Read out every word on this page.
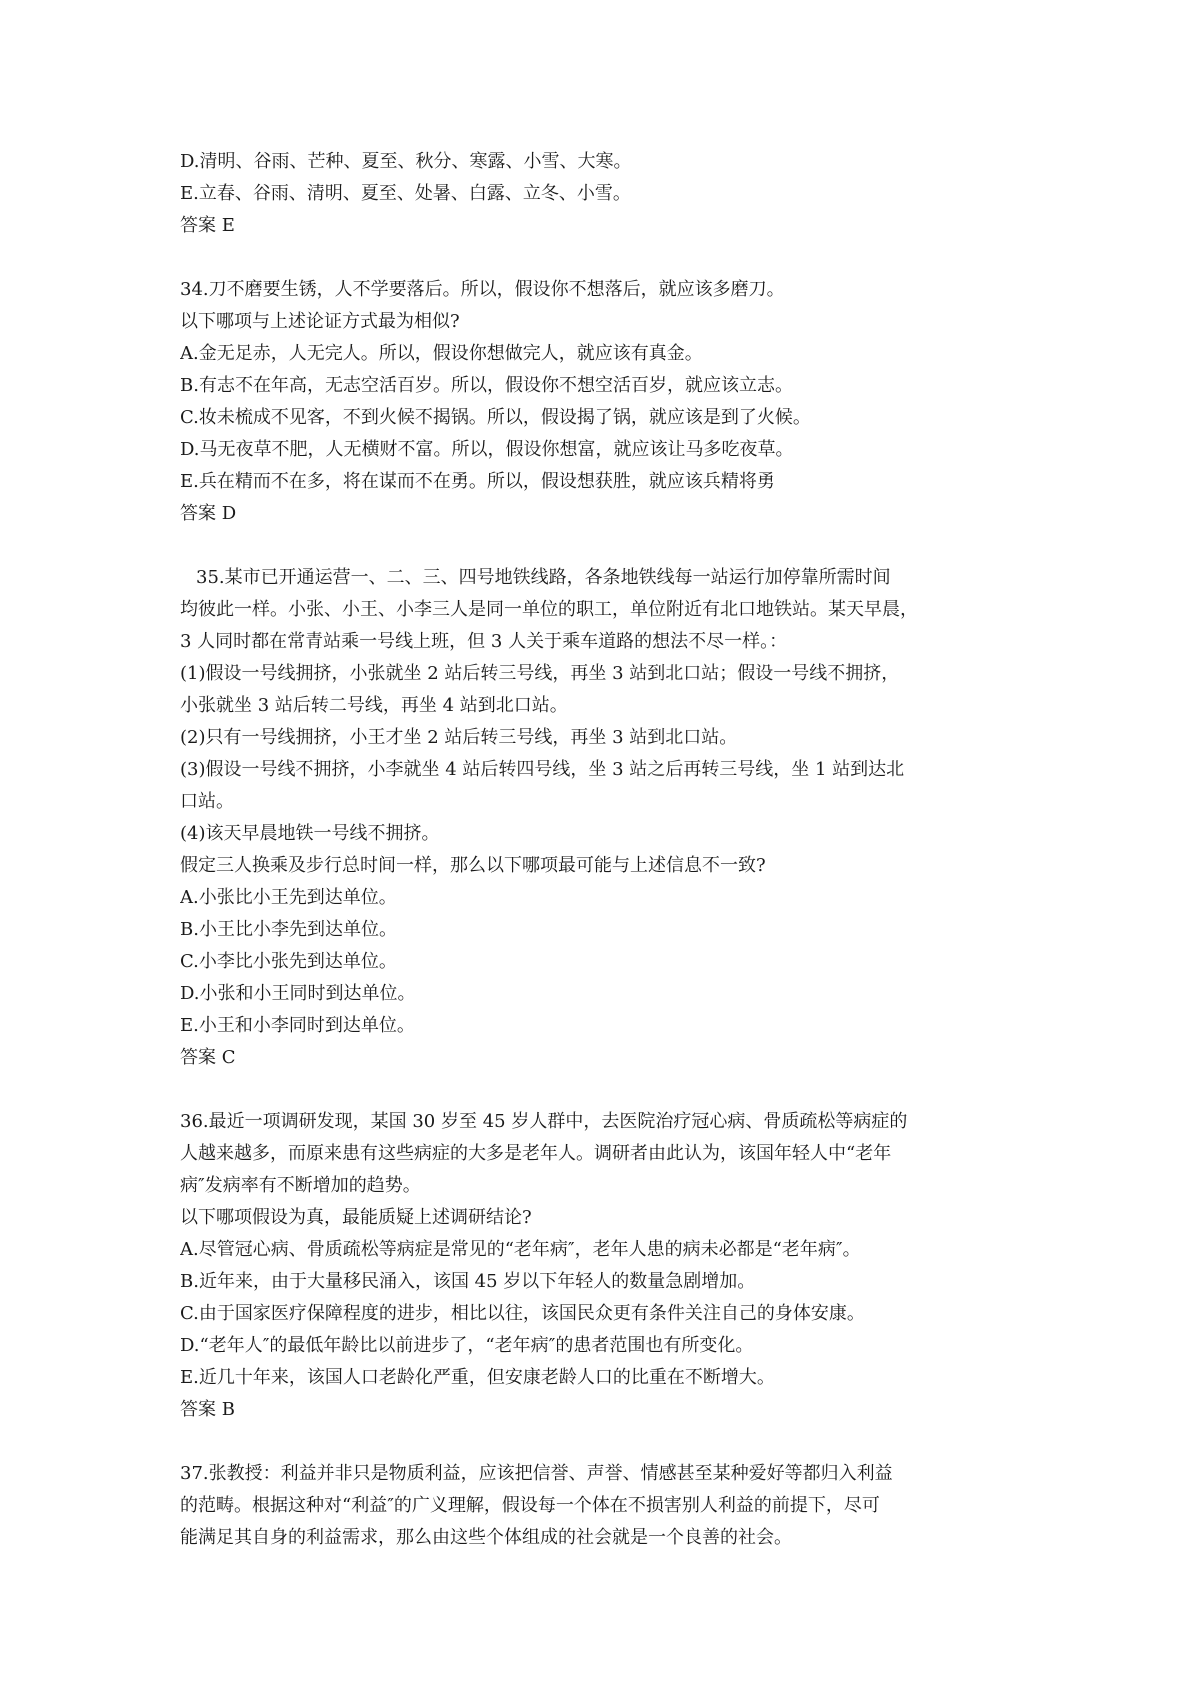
D.清明、谷雨、芒种、夏至、秋分、寒露、小雪、大寒。
E.立春、谷雨、清明、夏至、处暑、白露、立冬、小雪。
答案 E
34.刀不磨要生锈，人不学要落后。所以，假设你不想落后，就应该多磨刀。
以下哪项与上述论证方式最为相似?
A.金无足赤，人无完人。所以，假设你想做完人，就应该有真金。
B.有志不在年高，无志空活百岁。所以，假设你不想空活百岁，就应该立志。
C.妆未梳成不见客，不到火候不揭锅。所以，假设揭了锅，就应该是到了火候。
D.马无夜草不肥，人无横财不富。所以，假设你想富，就应该让马多吃夜草。
E.兵在精而不在多，将在谋而不在勇。所以，假设想获胜，就应该兵精将勇
答案 D
35.某市已开通运营一、二、三、四号地铁线路，各条地铁线每一站运行加停靠所需时间
均彼此一样。小张、小王、小李三人是同一单位的职工，单位附近有北口地铁站。某天早晨，
3 人同时都在常青站乘一号线上班，但 3 人关于乘车道路的想法不尽一样。：
(1)假设一号线拥挤，小张就坐 2 站后转三号线，再坐 3 站到北口站；假设一号线不拥挤，
小张就坐 3 站后转二号线，再坐 4 站到北口站。
(2)只有一号线拥挤，小王才坐 2 站后转三号线，再坐 3 站到北口站。
(3)假设一号线不拥挤，小李就坐 4 站后转四号线，坐 3 站之后再转三号线，坐 1 站到达北
口站。
(4)该天早晨地铁一号线不拥挤。
假定三人换乘及步行总时间一样，那么以下哪项最可能与上述信息不一致?
A.小张比小王先到达单位。
B.小王比小李先到达单位。
C.小李比小张先到达单位。
D.小张和小王同时到达单位。
E.小王和小李同时到达单位。
答案 C
36.最近一项调研发现，某国 30 岁至 45 岁人群中，去医院治疗冠心病、骨质疏松等病症的
人越来越多，而原来患有这些病症的大多是老年人。调研者由此认为，该国年轻人中“老年
病″发病率有不断增加的趋势。
以下哪项假设为真，最能质疑上述调研结论?
A.尽管冠心病、骨质疏松等病症是常见的“老年病″，老年人患的病未必都是“老年病″。
B.近年来，由于大量移民涌入，该国 45 岁以下年轻人的数量急剧增加。
C.由于国家医疗保障程度的进步，相比以往，该国民众更有条件关注自己的身体安康。
D.“老年人″的最低年龄比以前进步了，“老年病″的患者范围也有所变化。
E.近几十年来，该国人口老龄化严重，但安康老龄人口的比重在不断增大。
答案 B
37.张教授：利益并非只是物质利益，应该把信誉、声誉、情感甚至某种爱好等都归入利益
的范畴。根据这种对“利益″的广义理解，假设每一个体在不损害别人利益的前提下，尽可
能满足其自身的利益需求，那么由这些个体组成的社会就是一个良善的社会。
